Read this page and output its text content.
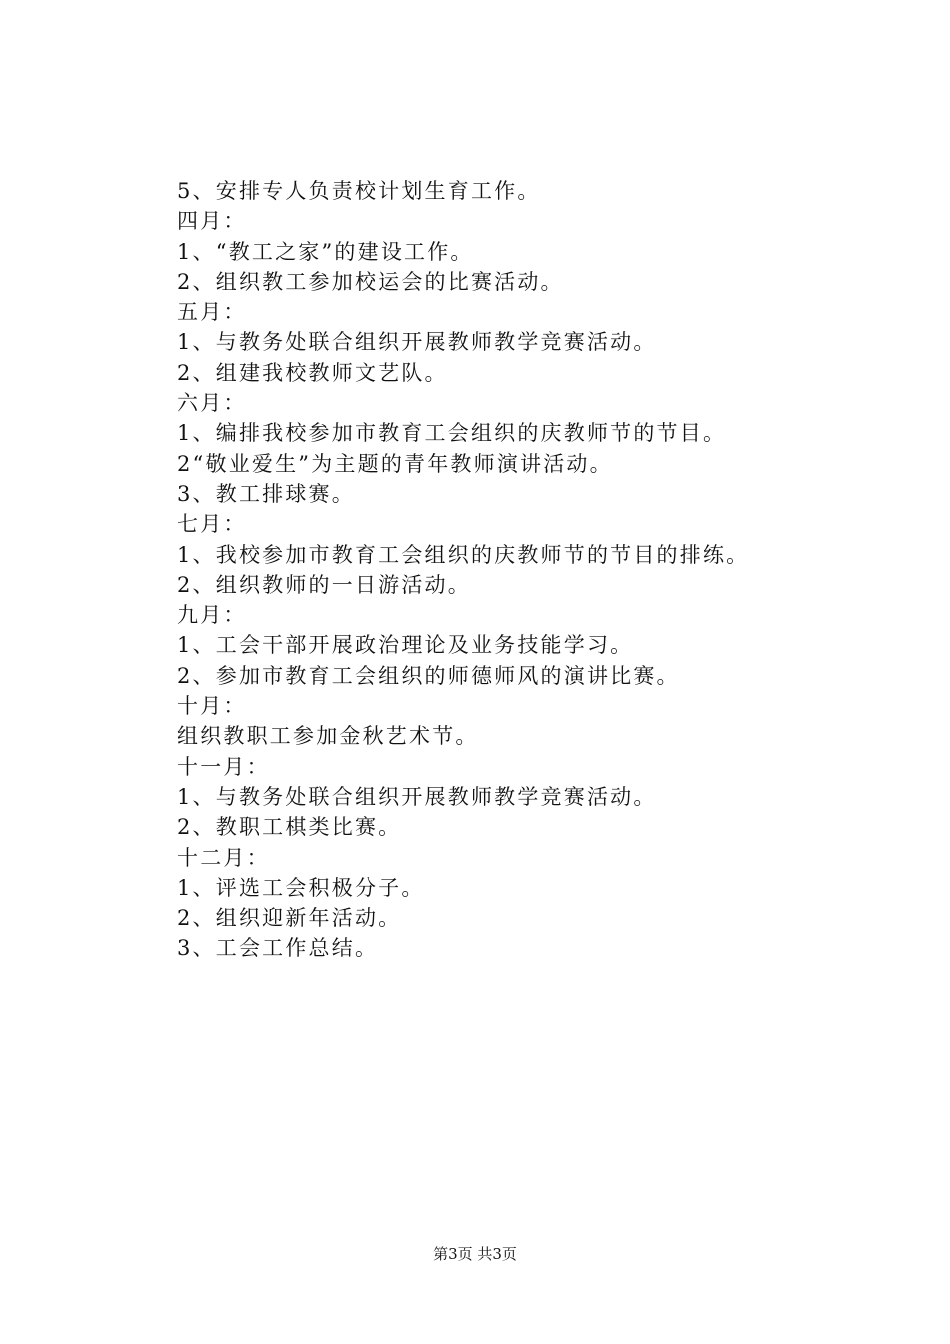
5、安排专人负责校计划生育工作。
四月：
1、“教工之家”的建设工作。
2、组织教工参加校运会的比赛活动。
五月：
1、与教务处联合组织开展教师教学竞赛活动。
2、组建我校教师文艺队。
六月：
1、编排我校参加市教育工会组织的庆教师节的节目。
2“敬业爱生”为主题的青年教师演讲活动。
3、教工排球赛。
七月：
1、我校参加市教育工会组织的庆教师节的节目的排练。
2、组织教师的一日游活动。
九月：
1、工会干部开展政治理论及业务技能学习。
2、参加市教育工会组织的师德师风的演讲比赛。
十月：
组织教职工参加金秋艺术节。
十一月：
1、与教务处联合组织开展教师教学竞赛活动。
2、教职工棋类比赛。
十二月：
1、评选工会积极分子。
2、组织迎新年活动。
3、工会工作总结。
第3页 共3页
